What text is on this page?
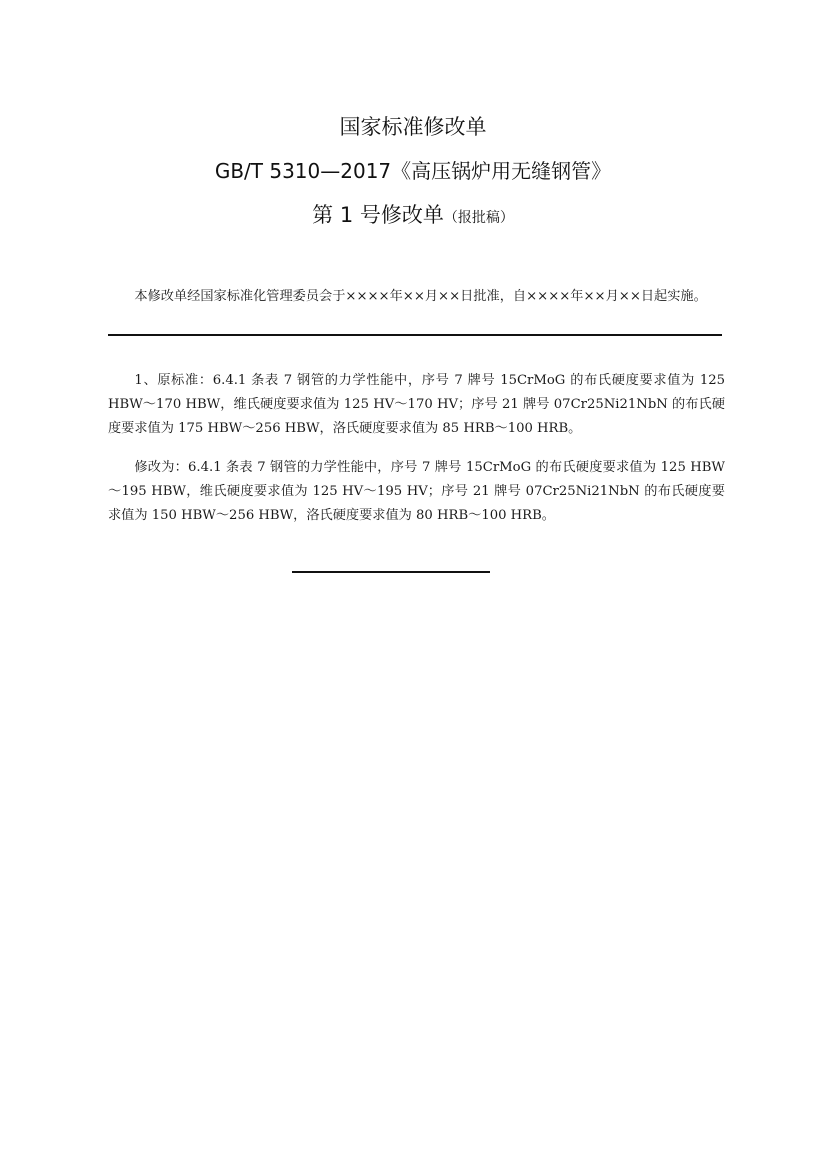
国家标准修改单
GB/T 5310—2017《高压锅炉用无缝钢管》
第 1 号修改单（报批稿）

本修改单经国家标准化管理委员会于××××年××月××日批准，自××××年××月××日起实施。

1、原标准：6.4.1 条表 7 钢管的力学性能中，序号 7 牌号 15CrMoG 的布氏硬度要求值为 125 HBW～170 HBW，维氏硬度要求值为 125 HV～170 HV；序号 21 牌号 07Cr25Ni21NbN 的布氏硬度要求值为 175 HBW～256 HBW，洛氏硬度要求值为 85 HRB～100 HRB。

修改为：6.4.1 条表 7 钢管的力学性能中，序号 7 牌号 15CrMoG 的布氏硬度要求值为 125 HBW～195 HBW，维氏硬度要求值为 125 HV～195 HV；序号 21 牌号 07Cr25Ni21NbN 的布氏硬度要求值为 150 HBW～256 HBW，洛氏硬度要求值为 80 HRB～100 HRB。
